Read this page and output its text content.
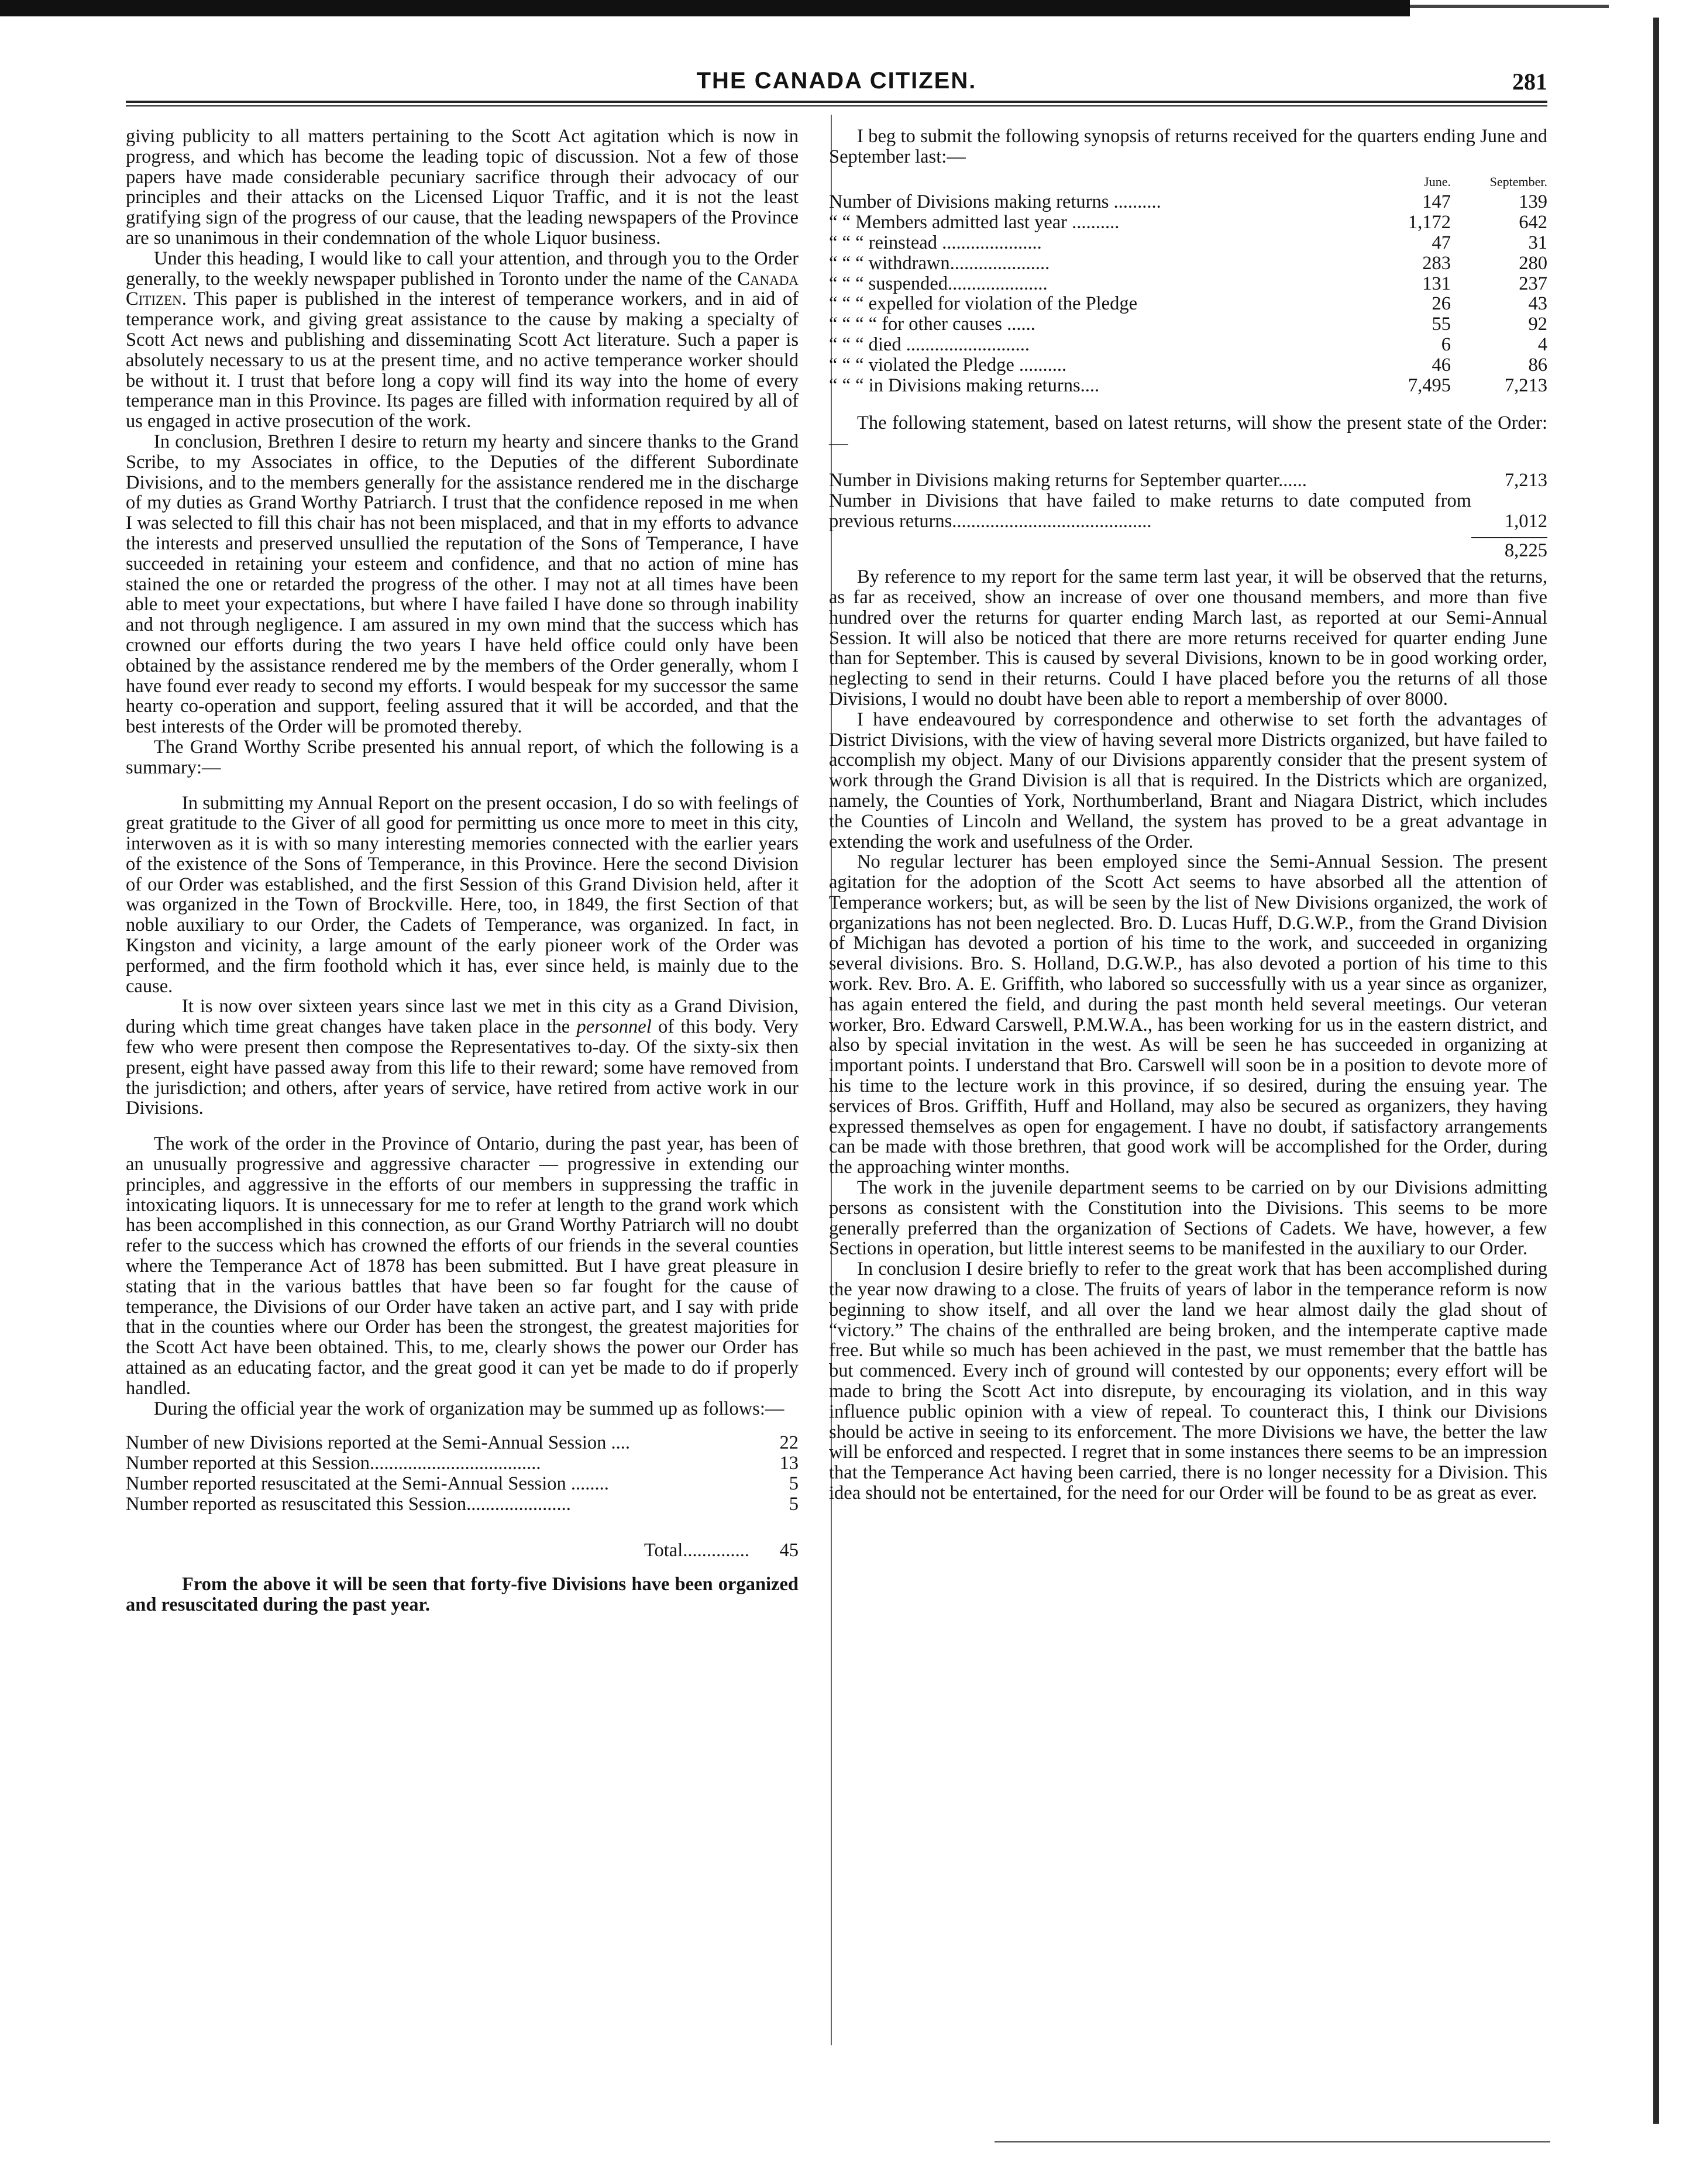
THE CANADA CITIZEN.	281

giving publicity to all matters pertaining to the Scott Act agitation which is now in progress, and which has become the leading topic of discussion. Not a few of those papers have made considerable pecuniary sacrifice through their advocacy of our principles and their attacks on the Licensed Liquor Traffic, and it is not the least gratifying sign of the progress of our cause, that the leading newspapers of the Province are so unanimous in their condemnation of the whole Liquor business.

Under this heading, I would like to call your attention, and through you to the Order generally, to the weekly newspaper published in Toronto under the name of the Canada Citizen. This paper is published in the interest of temperance workers, and in aid of temperance work, and giving great assistance to the cause by making a specialty of Scott Act news and publishing and disseminating Scott Act literature. Such a paper is absolutely necessary to us at the present time, and no active temperance worker should be without it. I trust that before long a copy will find its way into the home of every temperance man in this Province. Its pages are filled with information required by all of us engaged in active prosecution of the work.

In conclusion, Brethren I desire to return my hearty and sincere thanks to the Grand Scribe, to my Associates in office, to the Deputies of the different Subordinate Divisions, and to the members generally for the assistance rendered me in the discharge of my duties as Grand Worthy Patriarch. I trust that the confidence reposed in me when I was selected to fill this chair has not been misplaced, and that in my efforts to advance the interests and preserved unsullied the reputation of the Sons of Temperance, I have succeeded in retaining your esteem and confidence, and that no action of mine has stained the one or retarded the progress of the other. I may not at all times have been able to meet your expectations, but where I have failed I have done so through inability and not through negligence. I am assured in my own mind that the success which has crowned our efforts during the two years I have held office could only have been obtained by the assistance rendered me by the members of the Order generally, whom I have found ever ready to second my efforts. I would bespeak for my successor the same hearty co-operation and support, feeling assured that it will be accorded, and that the best interests of the Order will be promoted thereby.

The Grand Worthy Scribe presented his annual report, of which the following is a summary:—

In submitting my Annual Report on the present occasion, I do so with feelings of great gratitude to the Giver of all good for permitting us once more to meet in this city, interwoven as it is with so many interesting memories connected with the earlier years of the existence of the Sons of Temperance, in this Province. Here the second Division of our Order was established, and the first Session of this Grand Division held, after it was organized in the Town of Brockville. Here, too, in 1849, the first Section of that noble auxiliary to our Order, the Cadets of Temperance, was organized. In fact, in Kingston and vicinity, a large amount of the early pioneer work of the Order was performed, and the firm foothold which it has, ever since held, is mainly due to the cause.

It is now over sixteen years since last we met in this city as a Grand Division, during which time great changes have taken place in the personnel of this body. Very few who were present then compose the Representatives to-day. Of the sixty-six then present, eight have passed away from this life to their reward; some have removed from the jurisdiction; and others, after years of service, have retired from active work in our Divisions.

The work of the order in the Province of Ontario, during the past year, has been of an unusually progressive and aggressive character — progressive in extending our principles, and aggressive in the efforts of our members in suppressing the traffic in intoxicating liquors. It is unnecessary for me to refer at length to the grand work which has been accomplished in this connection, as our Grand Worthy Patriarch will no doubt refer to the success which has crowned the efforts of our friends in the several counties where the Temperance Act of 1878 has been submitted. But I have great pleasure in stating that in the various battles that have been so far fought for the cause of temperance, the Divisions of our Order have taken an active part, and I say with pride that in the counties where our Order has been the strongest, the greatest majorities for the Scott Act have been obtained. This, to me, clearly shows the power our Order has attained as an educating factor, and the great good it can yet be made to do if properly handled.

During the official year the work of organization may be summed up as follows:—

Number of new Divisions reported at the Semi-Annual Session ....	22
Number reported at this Session....................................	13
Number reported resuscitated at the Semi-Annual Session ........	5
Number reported as resuscitated this Session......................	5
Total..............	45

From the above it will be seen that forty-five Divisions have been organized and resuscitated during the past year.

I beg to submit the following synopsis of returns received for the quarters ending June and September last:—

	June.	September.
Number of Divisions making returns ..........	147	139
“ “ Members admitted last year ..........	1,172	642
“ “ “ reinstead .....................	47	31
“ “ “ withdrawn.....................	283	280
“ “ “ suspended.....................	131	237
“ “ “ expelled for violation of the Pledge	26	43
“ “ “ “ for other causes ......	55	92
“ “ “ died ..........................	6	4
“ “ “ violated the Pledge ..........	46	86
“ “ “ in Divisions making returns....	7,495	7,213

The following statement, based on latest returns, will show the present state of the Order:—

Number in Divisions making returns for September quarter......	7,213
Number in Divisions that have failed to make returns to date computed from previous returns..........................................	1,012
8,225

By reference to my report for the same term last year, it will be observed that the returns, as far as received, show an increase of over one thousand members, and more than five hundred over the returns for quarter ending March last, as reported at our Semi-Annual Session. It will also be noticed that there are more returns received for quarter ending June than for September. This is caused by several Divisions, known to be in good working order, neglecting to send in their returns. Could I have placed before you the returns of all those Divisions, I would no doubt have been able to report a membership of over 8000.

I have endeavoured by correspondence and otherwise to set forth the advantages of District Divisions, with the view of having several more Districts organized, but have failed to accomplish my object. Many of our Divisions apparently consider that the present system of work through the Grand Division is all that is required. In the Districts which are organized, namely, the Counties of York, Northumberland, Brant and Niagara District, which includes the Counties of Lincoln and Welland, the system has proved to be a great advantage in extending the work and usefulness of the Order.

No regular lecturer has been employed since the Semi-Annual Session. The present agitation for the adoption of the Scott Act seems to have absorbed all the attention of Temperance workers; but, as will be seen by the list of New Divisions organized, the work of organizations has not been neglected. Bro. D. Lucas Huff, D.G.W.P., from the Grand Division of Michigan has devoted a portion of his time to the work, and succeeded in organizing several divisions. Bro. S. Holland, D.G.W.P., has also devoted a portion of his time to this work. Rev. Bro. A. E. Griffith, who labored so successfully with us a year since as organizer, has again entered the field, and during the past month held several meetings. Our veteran worker, Bro. Edward Carswell, P.M.W.A., has been working for us in the eastern district, and also by special invitation in the west. As will be seen he has succeeded in organizing at important points. I understand that Bro. Carswell will soon be in a position to devote more of his time to the lecture work in this province, if so desired, during the ensuing year. The services of Bros. Griffith, Huff and Holland, may also be secured as organizers, they having expressed themselves as open for engagement. I have no doubt, if satisfactory arrangements can be made with those brethren, that good work will be accomplished for the Order, during the approaching winter months.

The work in the juvenile department seems to be carried on by our Divisions admitting persons as consistent with the Constitution into the Divisions. This seems to be more generally preferred than the organization of Sections of Cadets. We have, however, a few Sections in operation, but little interest seems to be manifested in the auxiliary to our Order.

In conclusion I desire briefly to refer to the great work that has been accomplished during the year now drawing to a close. The fruits of years of labor in the temperance reform is now beginning to show itself, and all over the land we hear almost daily the glad shout of “victory.” The chains of the enthralled are being broken, and the intemperate captive made free. But while so much has been achieved in the past, we must remember that the battle has but commenced. Every inch of ground will contested by our opponents; every effort will be made to bring the Scott Act into disrepute, by encouraging its violation, and in this way influence public opinion with a view of repeal. To counteract this, I think our Divisions should be active in seeing to its enforcement. The more Divisions we have, the better the law will be enforced and respected. I regret that in some instances there seems to be an impression that the Temperance Act having been carried, there is no longer necessity for a Division. This idea should not be entertained, for the need for our Order will be found to be as great as ever.
